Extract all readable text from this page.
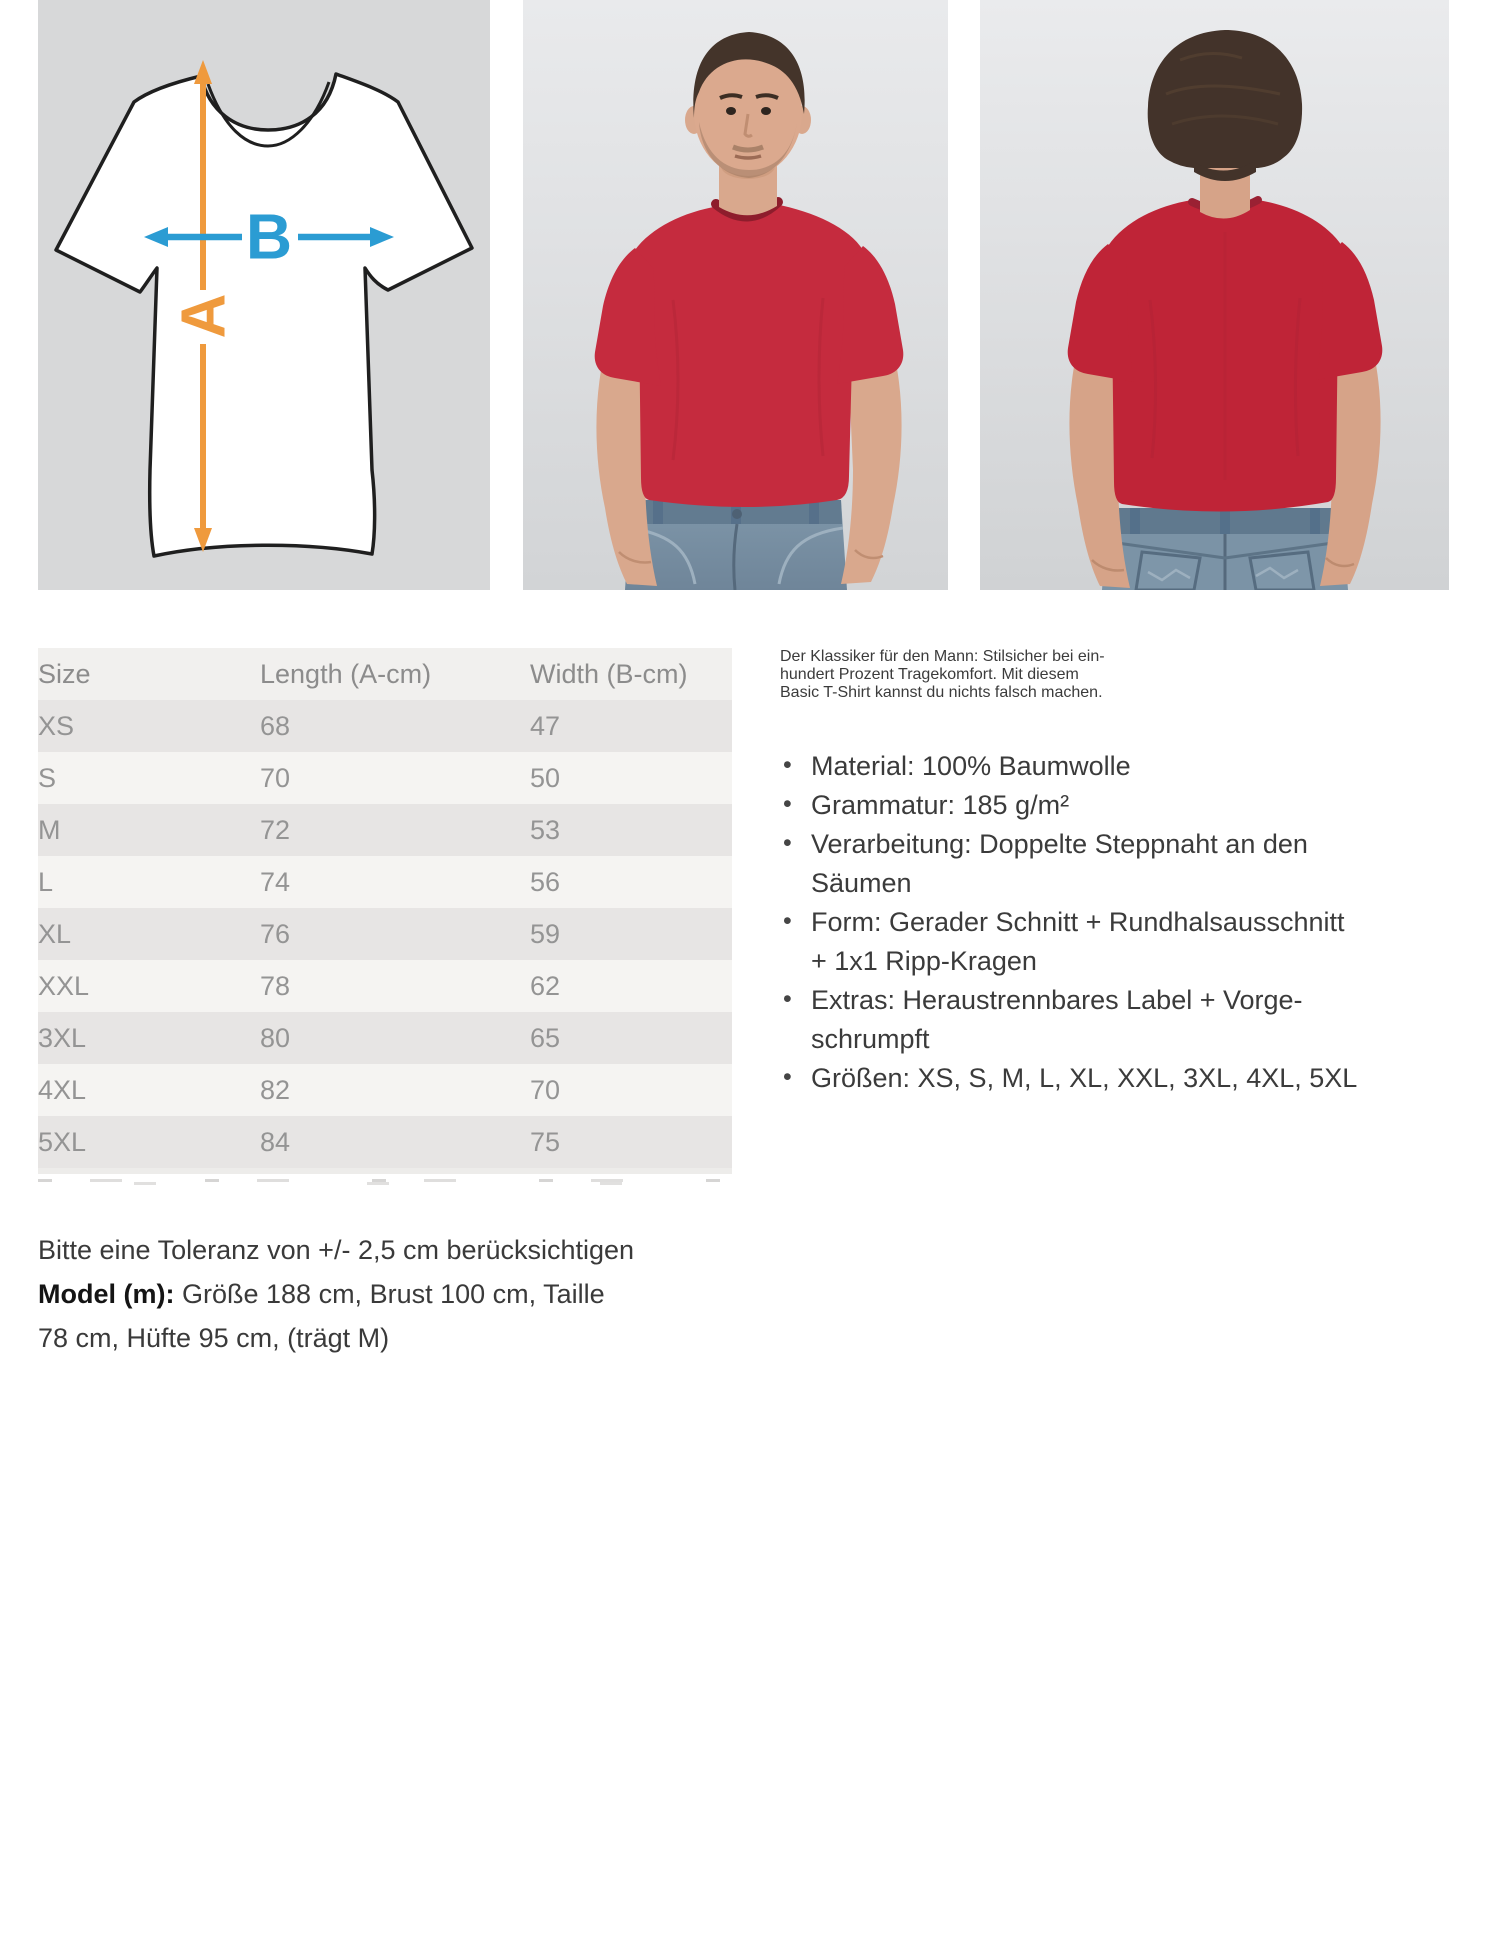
A
B
Size	Length (A-cm)	Width (B-cm)
XS	68	47
S	70	50
M	72	53
L	74	56
XL	76	59
XXL	78	62
3XL	80	65
4XL	82	70
5XL	84	75
Bitte eine Toleranz von +/- 2,5 cm berücksichtigen

Model (m): Größe 188 cm, Brust 100 cm, Taille
78 cm, Hüfte 95 cm, (trägt M)

Der Klassiker für den Mann: Stilsicher bei ein-
hundert Prozent Tragekomfort. Mit diesem
Basic T-Shirt kannst du nichts falsch machen.

• Material: 100% Baumwolle
• Grammatur: 185 g/m²
• Verarbeitung: Doppelte Steppnaht an den
Säumen
• Form: Gerader Schnitt + Rundhalsausschnitt
+ 1x1 Ripp-Kragen
• Extras: Heraustrennbares Label + Vorge-
schrumpft
• Größen: XS, S, M, L, XL, XXL, 3XL, 4XL, 5XL
